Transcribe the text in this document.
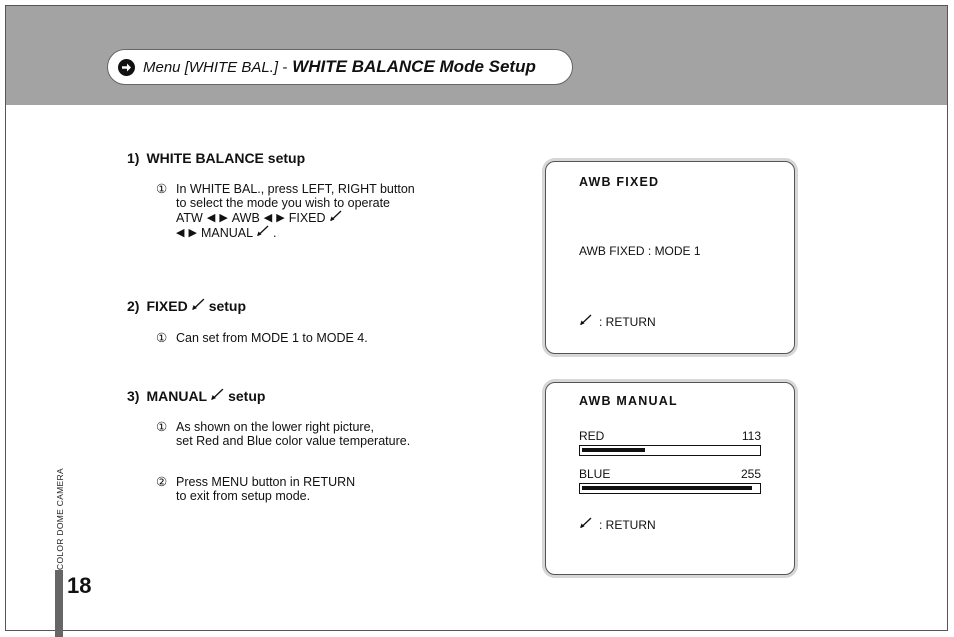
Menu [WHITE BAL.] - WHITE BALANCE Mode Setup
1) WHITE BALANCE setup
① In WHITE BAL., press LEFT, RIGHT button
to select the mode you wish to operate
ATW ◀ ▶ AWB ◀ ▶ FIXED
◀ ▶ MANUAL .
2) FIXED setup
① Can set from MODE 1 to MODE 4.
3) MANUAL setup
① As shown on the lower right picture,
set Red and Blue color value temperature.
② Press MENU button in RETURN
to exit from setup mode.
AWB FIXED
AWB FIXED : MODE 1
: RETURN
AWB MANUAL
RED	113
BLUE	255
: RETURN
COLOR DOME CAMERA
18
